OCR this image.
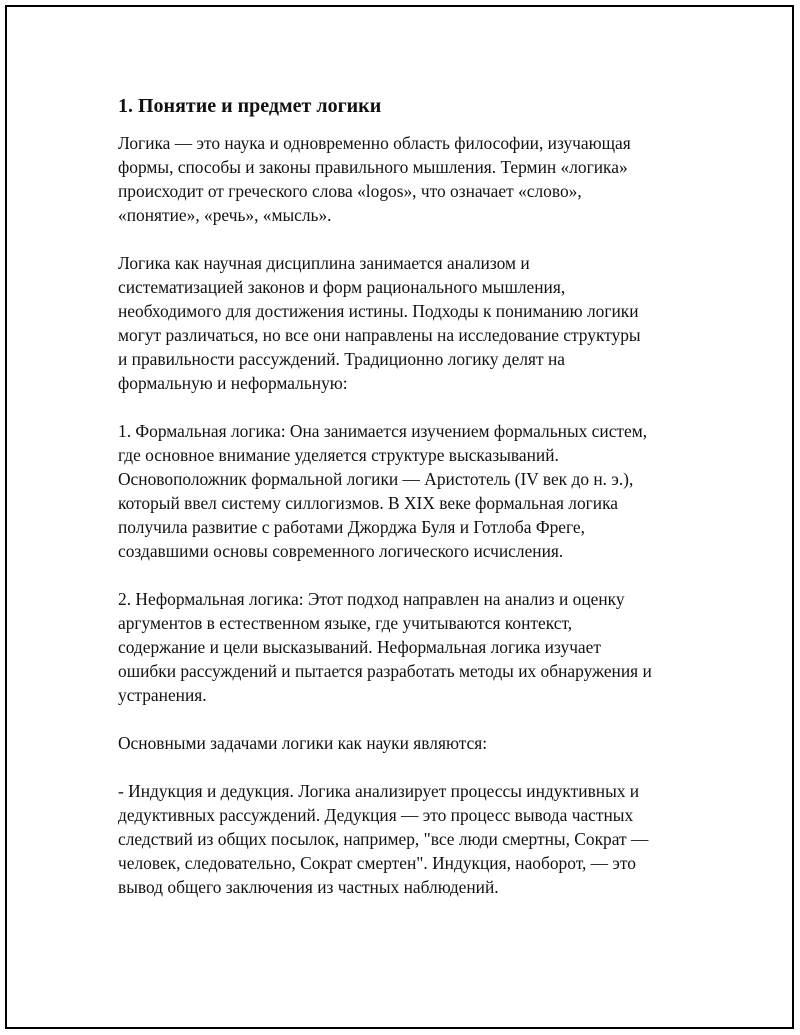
1. Понятие и предмет логики

Логика — это наука и одновременно область философии, изучающая
формы, способы и законы правильного мышления. Термин «логика»
происходит от греческого слова «logos», что означает «слово»,
«понятие», «речь», «мысль».

Логика как научная дисциплина занимается анализом и
систематизацией законов и форм рационального мышления,
необходимого для достижения истины. Подходы к пониманию логики
могут различаться, но все они направлены на исследование структуры
и правильности рассуждений. Традиционно логику делят на
формальную и неформальную:

1. Формальная логика: Она занимается изучением формальных систем,
где основное внимание уделяется структуре высказываний.
Основоположник формальной логики — Аристотель (IV век до н. э.),
который ввел систему силлогизмов. В XIX веке формальная логика
получила развитие с работами Джорджа Буля и Готлоба Фреге,
создавшими основы современного логического исчисления.

2. Неформальная логика: Этот подход направлен на анализ и оценку
аргументов в естественном языке, где учитываются контекст,
содержание и цели высказываний. Неформальная логика изучает
ошибки рассуждений и пытается разработать методы их обнаружения и
устранения.

Основными задачами логики как науки являются:

- Индукция и дедукция. Логика анализирует процессы индуктивных и
дедуктивных рассуждений. Дедукция — это процесс вывода частных
следствий из общих посылок, например, "все люди смертны, Сократ —
человек, следовательно, Сократ смертен". Индукция, наоборот, — это
вывод общего заключения из частных наблюдений.
